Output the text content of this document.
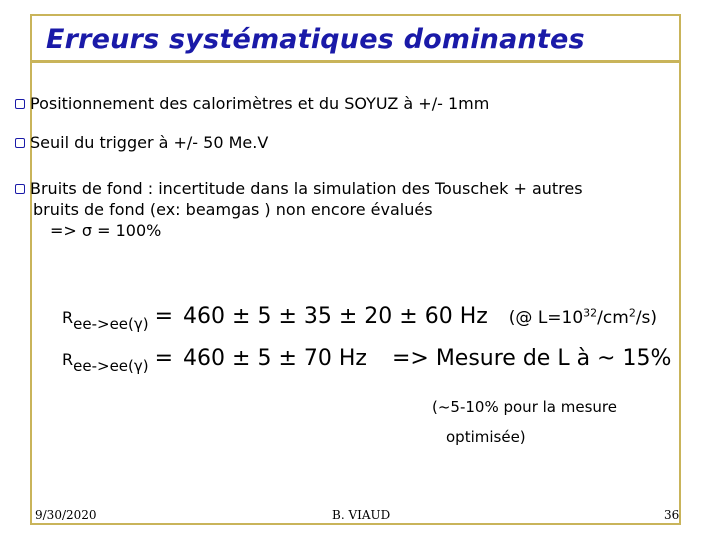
Erreurs systématiques dominantes
Positionnement des calorimètres et du SOYUZ à +/- 1mm
Seuil du trigger à +/- 50 Me.V
Bruits de fond : incertitude dans la simulation des Touschek + autres
bruits de fond (ex: beamgas ) non encore évalués
=> σ = 100%
$R_{ee->ee(\gamma)} = 460 \pm 5 \pm 35 \pm 20 \pm 60$ Hz (@ $L=10^{32}/cm^2/s$)
$R_{ee->ee(\gamma)} = 460 \pm 5 \pm 70$ Hz => Mesure de L à ~ 15%
(~5-10% pour la mesure
optimisée)
9/30/2020	B. VIAUD	36
